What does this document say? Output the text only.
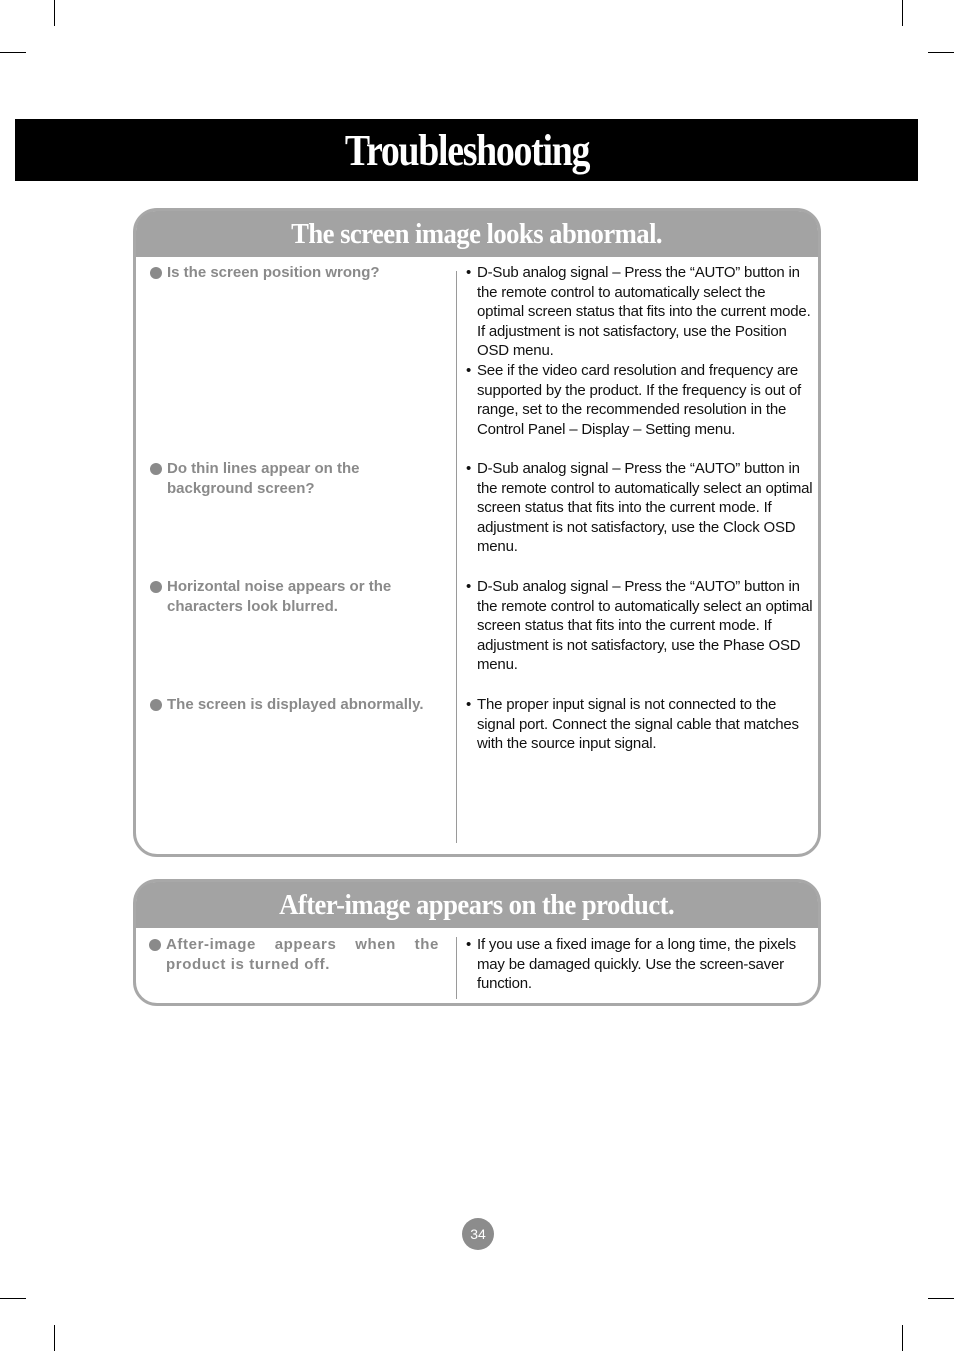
Troubleshooting
The screen image looks abnormal.
Is the screen position wrong?
Do thin lines appear on the background screen?
Horizontal noise appears or the characters look blurred.
The screen is displayed abnormally.
• D-Sub analog signal – Press the “AUTO” button in the remote control to automatically select the optimal screen status that fits into the current mode. If adjustment is not satisfactory, use the Position OSD menu.
• See if the video card resolution and frequency are supported by the product. If the frequency is out of range, set to the recommended resolution in the Control Panel – Display – Setting menu.
• D-Sub analog signal – Press the “AUTO” button in the remote control to automatically select an optimal screen status that fits into the current mode. If adjustment is not satisfactory, use the Clock OSD menu.
• D-Sub analog signal – Press the “AUTO” button in the remote control to automatically select an optimal screen status that fits into the current mode. If adjustment is not satisfactory, use the Phase OSD menu.
• The proper input signal is not connected to the signal port. Connect the signal cable that matches with the source input signal.
After-image appears on the product.
After-image appears when the product is turned off.
• If you use a fixed image for a long time, the pixels may be damaged quickly. Use the screen-saver function.
34
